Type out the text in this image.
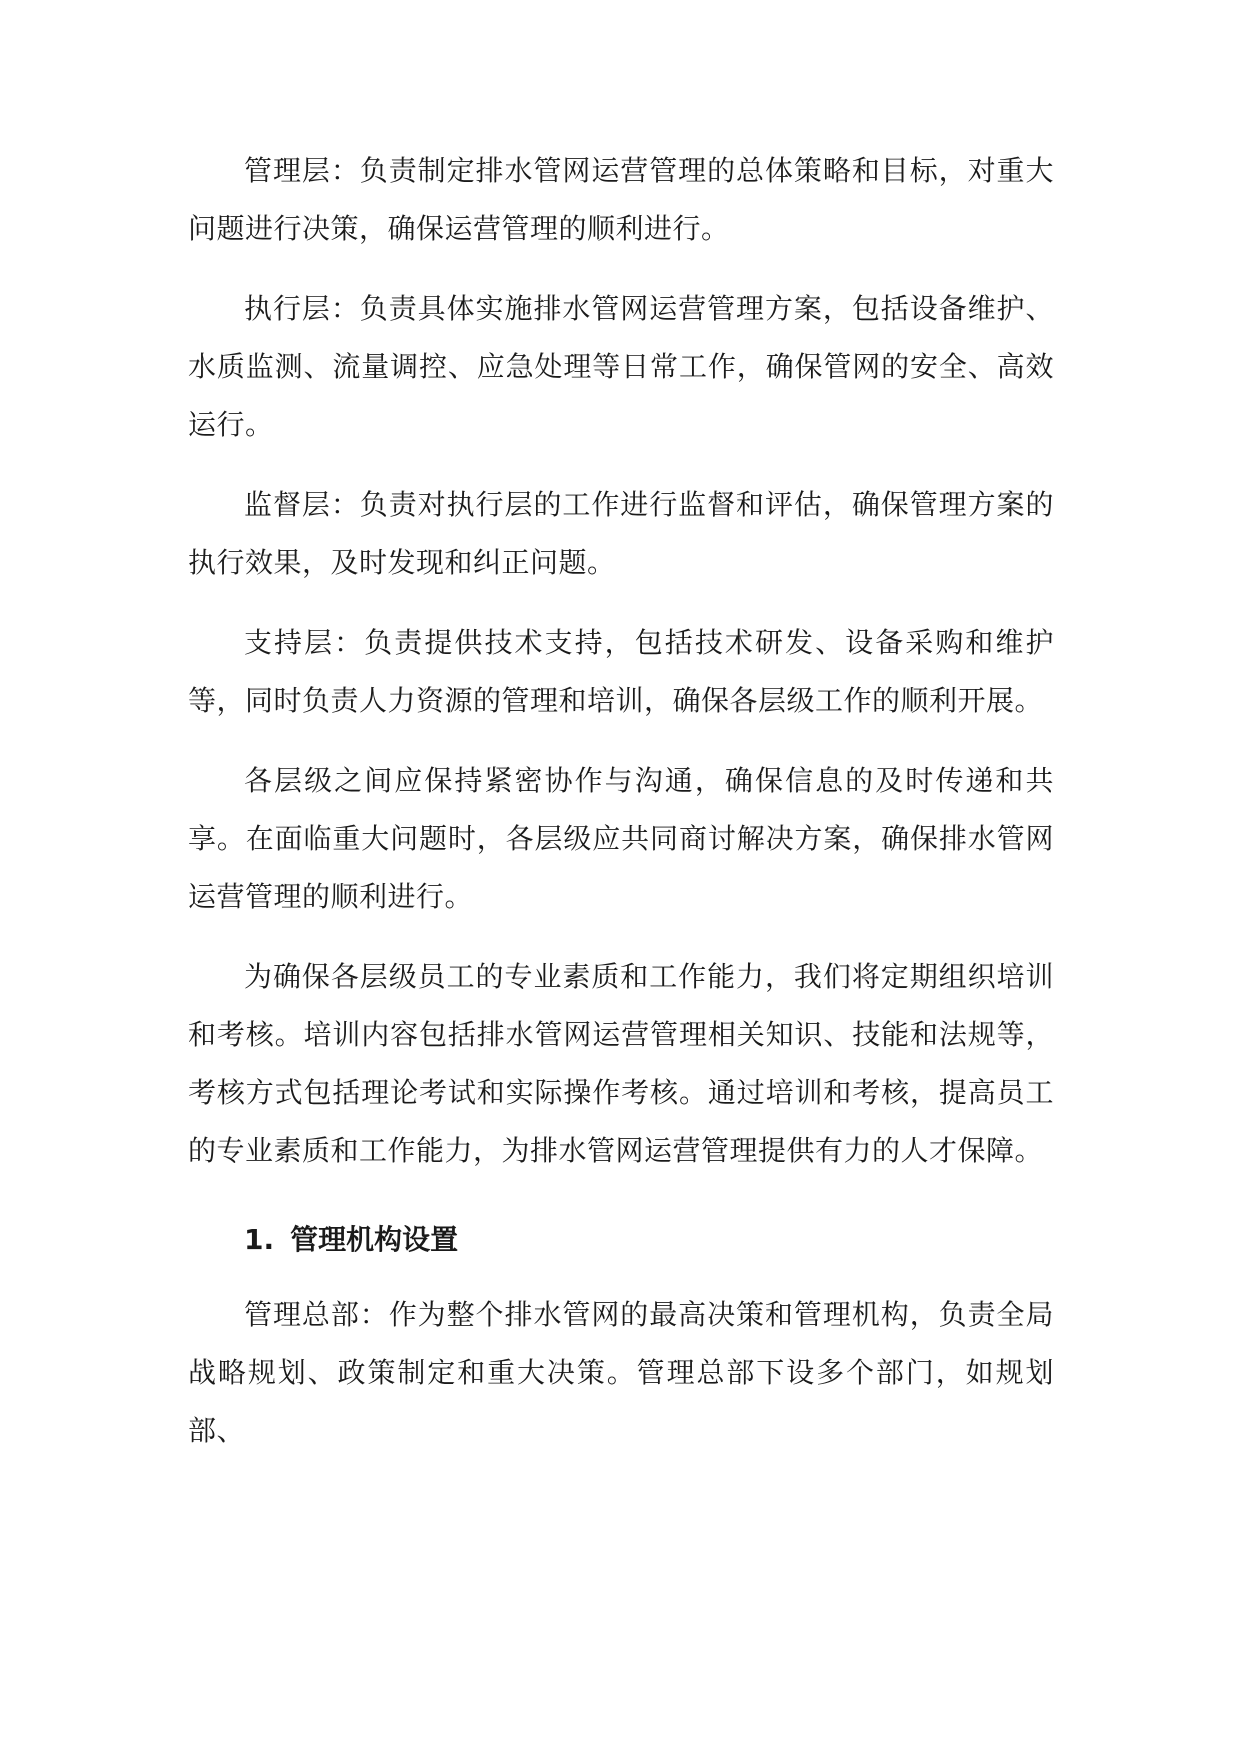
管理层：负责制定排水管网运营管理的总体策略和目标，对重大问题进行决策，确保运营管理的顺利进行。

执行层：负责具体实施排水管网运营管理方案，包括设备维护、水质监测、流量调控、应急处理等日常工作，确保管网的安全、高效运行。

监督层：负责对执行层的工作进行监督和评估，确保管理方案的执行效果，及时发现和纠正问题。

支持层：负责提供技术支持，包括技术研发、设备采购和维护等，同时负责人力资源的管理和培训，确保各层级工作的顺利开展。

各层级之间应保持紧密协作与沟通，确保信息的及时传递和共享。在面临重大问题时，各层级应共同商讨解决方案，确保排水管网运营管理的顺利进行。

为确保各层级员工的专业素质和工作能力，我们将定期组织培训和考核。培训内容包括排水管网运营管理相关知识、技能和法规等，考核方式包括理论考试和实际操作考核。通过培训和考核，提高员工的专业素质和工作能力，为排水管网运营管理提供有力的人才保障。

1. 管理机构设置

管理总部：作为整个排水管网的最高决策和管理机构，负责全局战略规划、政策制定和重大决策。管理总部下设多个部门，如规划部、
